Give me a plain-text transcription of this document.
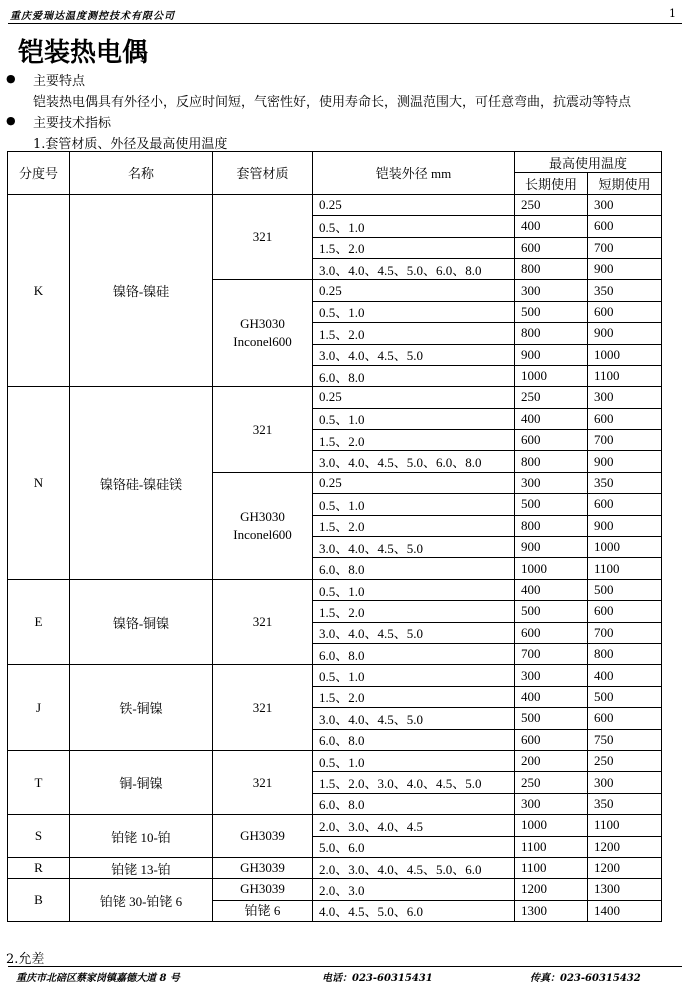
重庆爱瑞达温度测控技术有限公司	1
铠装热电偶
● 主要特点
铠装热电偶具有外径小，反应时间短，气密性好，使用寿命长，测温范围大，可任意弯曲，抗震动等特点
● 主要技术指标
1.套管材质、外径及最高使用温度
分度号	名称	套管材质	铠装外径 mm	最高使用温度	
				长期使用	短期使用
K	镍铬-镍硅	321	0.25	250	300
			0.5、1.0	400	600
			1.5、2.0	600	700
			3.0、4.0、4.5、5.0、6.0、8.0	800	900

		GH3030
Inconel600	0.25	300	350
			0.5、1.0	500	600
			1.5、2.0	800	900
			3.0、4.0、4.5、5.0	900	1000
			6.0、8.0	1000	1100
N	镍铬硅-镍硅镁	321	0.25	250	300
			0.5、1.0	400	600
			1.5、2.0	600	700
			3.0、4.0、4.5、5.0、6.0、8.0	800	900

		GH3030
Inconel600	0.25	300	350
			0.5、1.0	500	600
			1.5、2.0	800	900
			3.0、4.0、4.5、5.0	900	1000
			6.0、8.0	1000	1100
E	镍铬-铜镍	321	0.5、1.0	400	500
			1.5、2.0	500	600
			3.0、4.0、4.5、5.0	600	700
			6.0、8.0	700	800
J	铁-铜镍	321	0.5、1.0	300	400
			1.5、2.0	400	500
			3.0、4.0、4.5、5.0	500	600
			6.0、8.0	600	750
T	铜-铜镍	321	0.5、1.0	200	250
			1.5、2.0、3.0、4.0、4.5、5.0	250	300
			6.0、8.0	300	350
S	铂铑 10-铂	GH3039	2.0、3.0、4.0、4.5	1000	1100
			5.0、6.0	1100	1200
R	铂铑 13-铂	GH3039	2.0、3.0、4.0、4.5、5.0、6.0	1100	1200
B	铂铑 30-铂铑 6	GH3039	2.0、3.0	1200	1300

		铂铑 6	4.0、4.5、5.0、6.0	1300	1400
2.允差
重庆市北碚区蔡家岗镇嘉德大道 8 号	电话：023-60315431	传真：023-60315432
